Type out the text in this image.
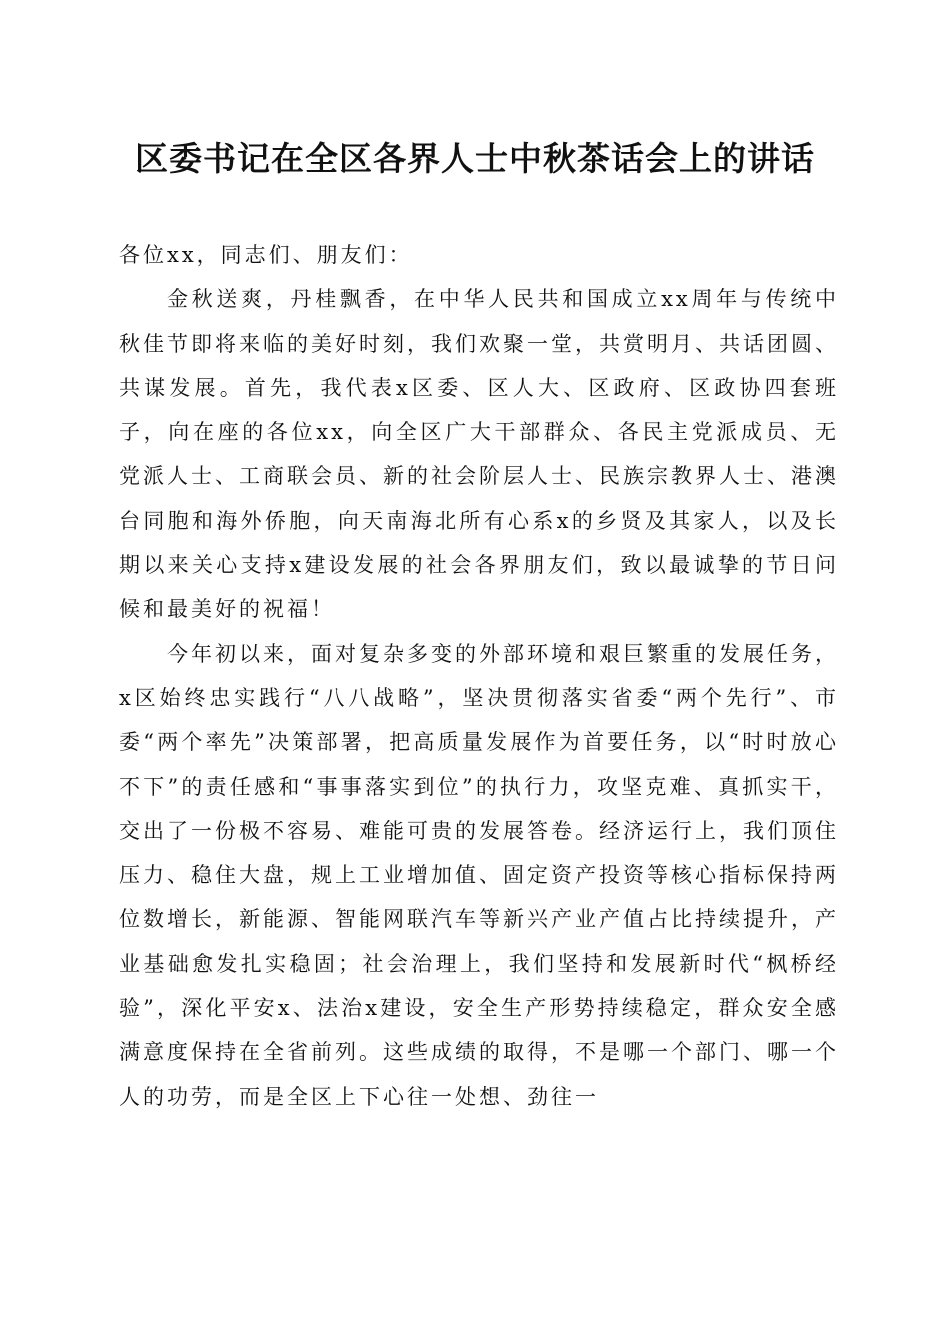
区委书记在全区各界人士中秋茶话会上的讲话

各位xx，同志们、朋友们：

金秋送爽，丹桂飘香，在中华人民共和国成立xx周年与传统中秋佳节即将来临的美好时刻，我们欢聚一堂，共赏明月、共话团圆、共谋发展。首先，我代表x区委、区人大、区政府、区政协四套班子，向在座的各位xx，向全区广大干部群众、各民主党派成员、无党派人士、工商联会员、新的社会阶层人士、民族宗教界人士、港澳台同胞和海外侨胞，向天南海北所有心系x的乡贤及其家人，以及长期以来关心支持x建设发展的社会各界朋友们，致以最诚挚的节日问候和最美好的祝福！

今年初以来，面对复杂多变的外部环境和艰巨繁重的发展任务，x区始终忠实践行“八八战略”，坚决贯彻落实省委“两个先行”、市委“两个率先”决策部署，把高质量发展作为首要任务，以“时时放心不下”的责任感和“事事落实到位”的执行力，攻坚克难、真抓实干，交出了一份极不容易、难能可贵的发展答卷。经济运行上，我们顶住压力、稳住大盘，规上工业增加值、固定资产投资等核心指标保持两位数增长，新能源、智能网联汽车等新兴产业产值占比持续提升，产业基础愈发扎实稳固；社会治理上，我们坚持和发展新时代“枫桥经验”，深化平安x、法治x建设，安全生产形势持续稳定，群众安全感满意度保持在全省前列。这些成绩的取得，不是哪一个部门、哪一个人的功劳，而是全区上下心往一处想、劲往一
